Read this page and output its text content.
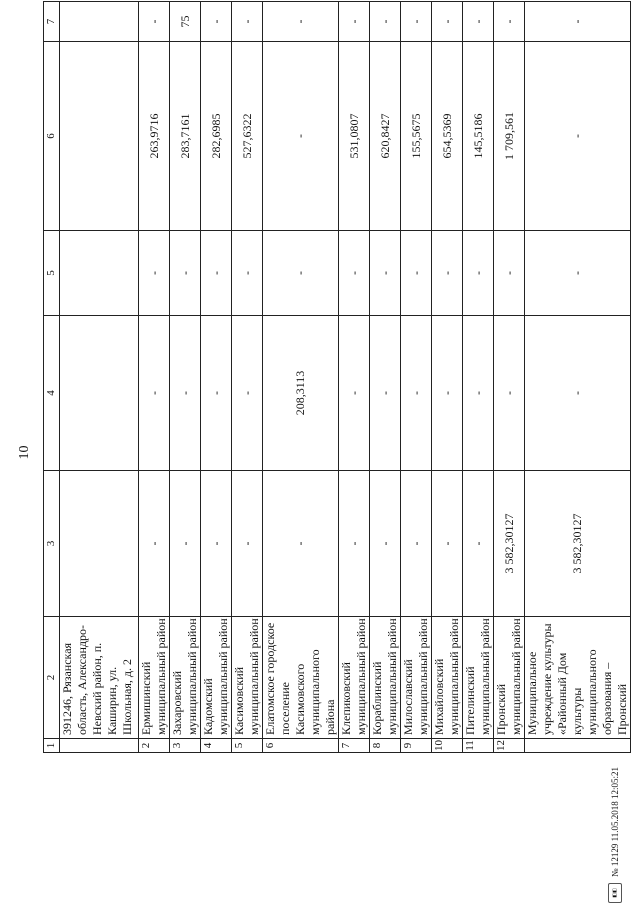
10
1	2	3	4	5	6	7
	391246, Рязанская область, Александро-Невский район, п. Каширин, ул. Школьная, д. 2					
2	Ермишинский муниципальный район	-	-	-	263,9716	-
3	Захаровский муниципальный район	-	-	-	283,7161	75
4	Кадомский муниципальный район	-	-	-	282,6985	-
5	Касимовский муниципальный район	-	-	-	527,6322	-
6	Елатомское городское поселение Касимовского муниципального района	-	208,3113	-	-	-
7	Клепиковский муниципальный район	-	-	-	531,0807	-
8	Кораблинский муниципальный район	-	-	-	620,8427	-
9	Милославский муниципальный район	-	-	-	155,5675	-
10	Михайловский муниципальный район	-	-	-	654,5369	-
11	Пителинский муниципальный район	-	-	-	145,5186	-
12	Пронский муниципальный район	3 582,30127	-	-	1 709,561	-
	Муниципальное учреждение культуры «Районный Дом культуры муниципального образования – Пронский	3 582,30127	-	-	-	-
◧◧
№ 12129 11.05.2018 12:05:21
